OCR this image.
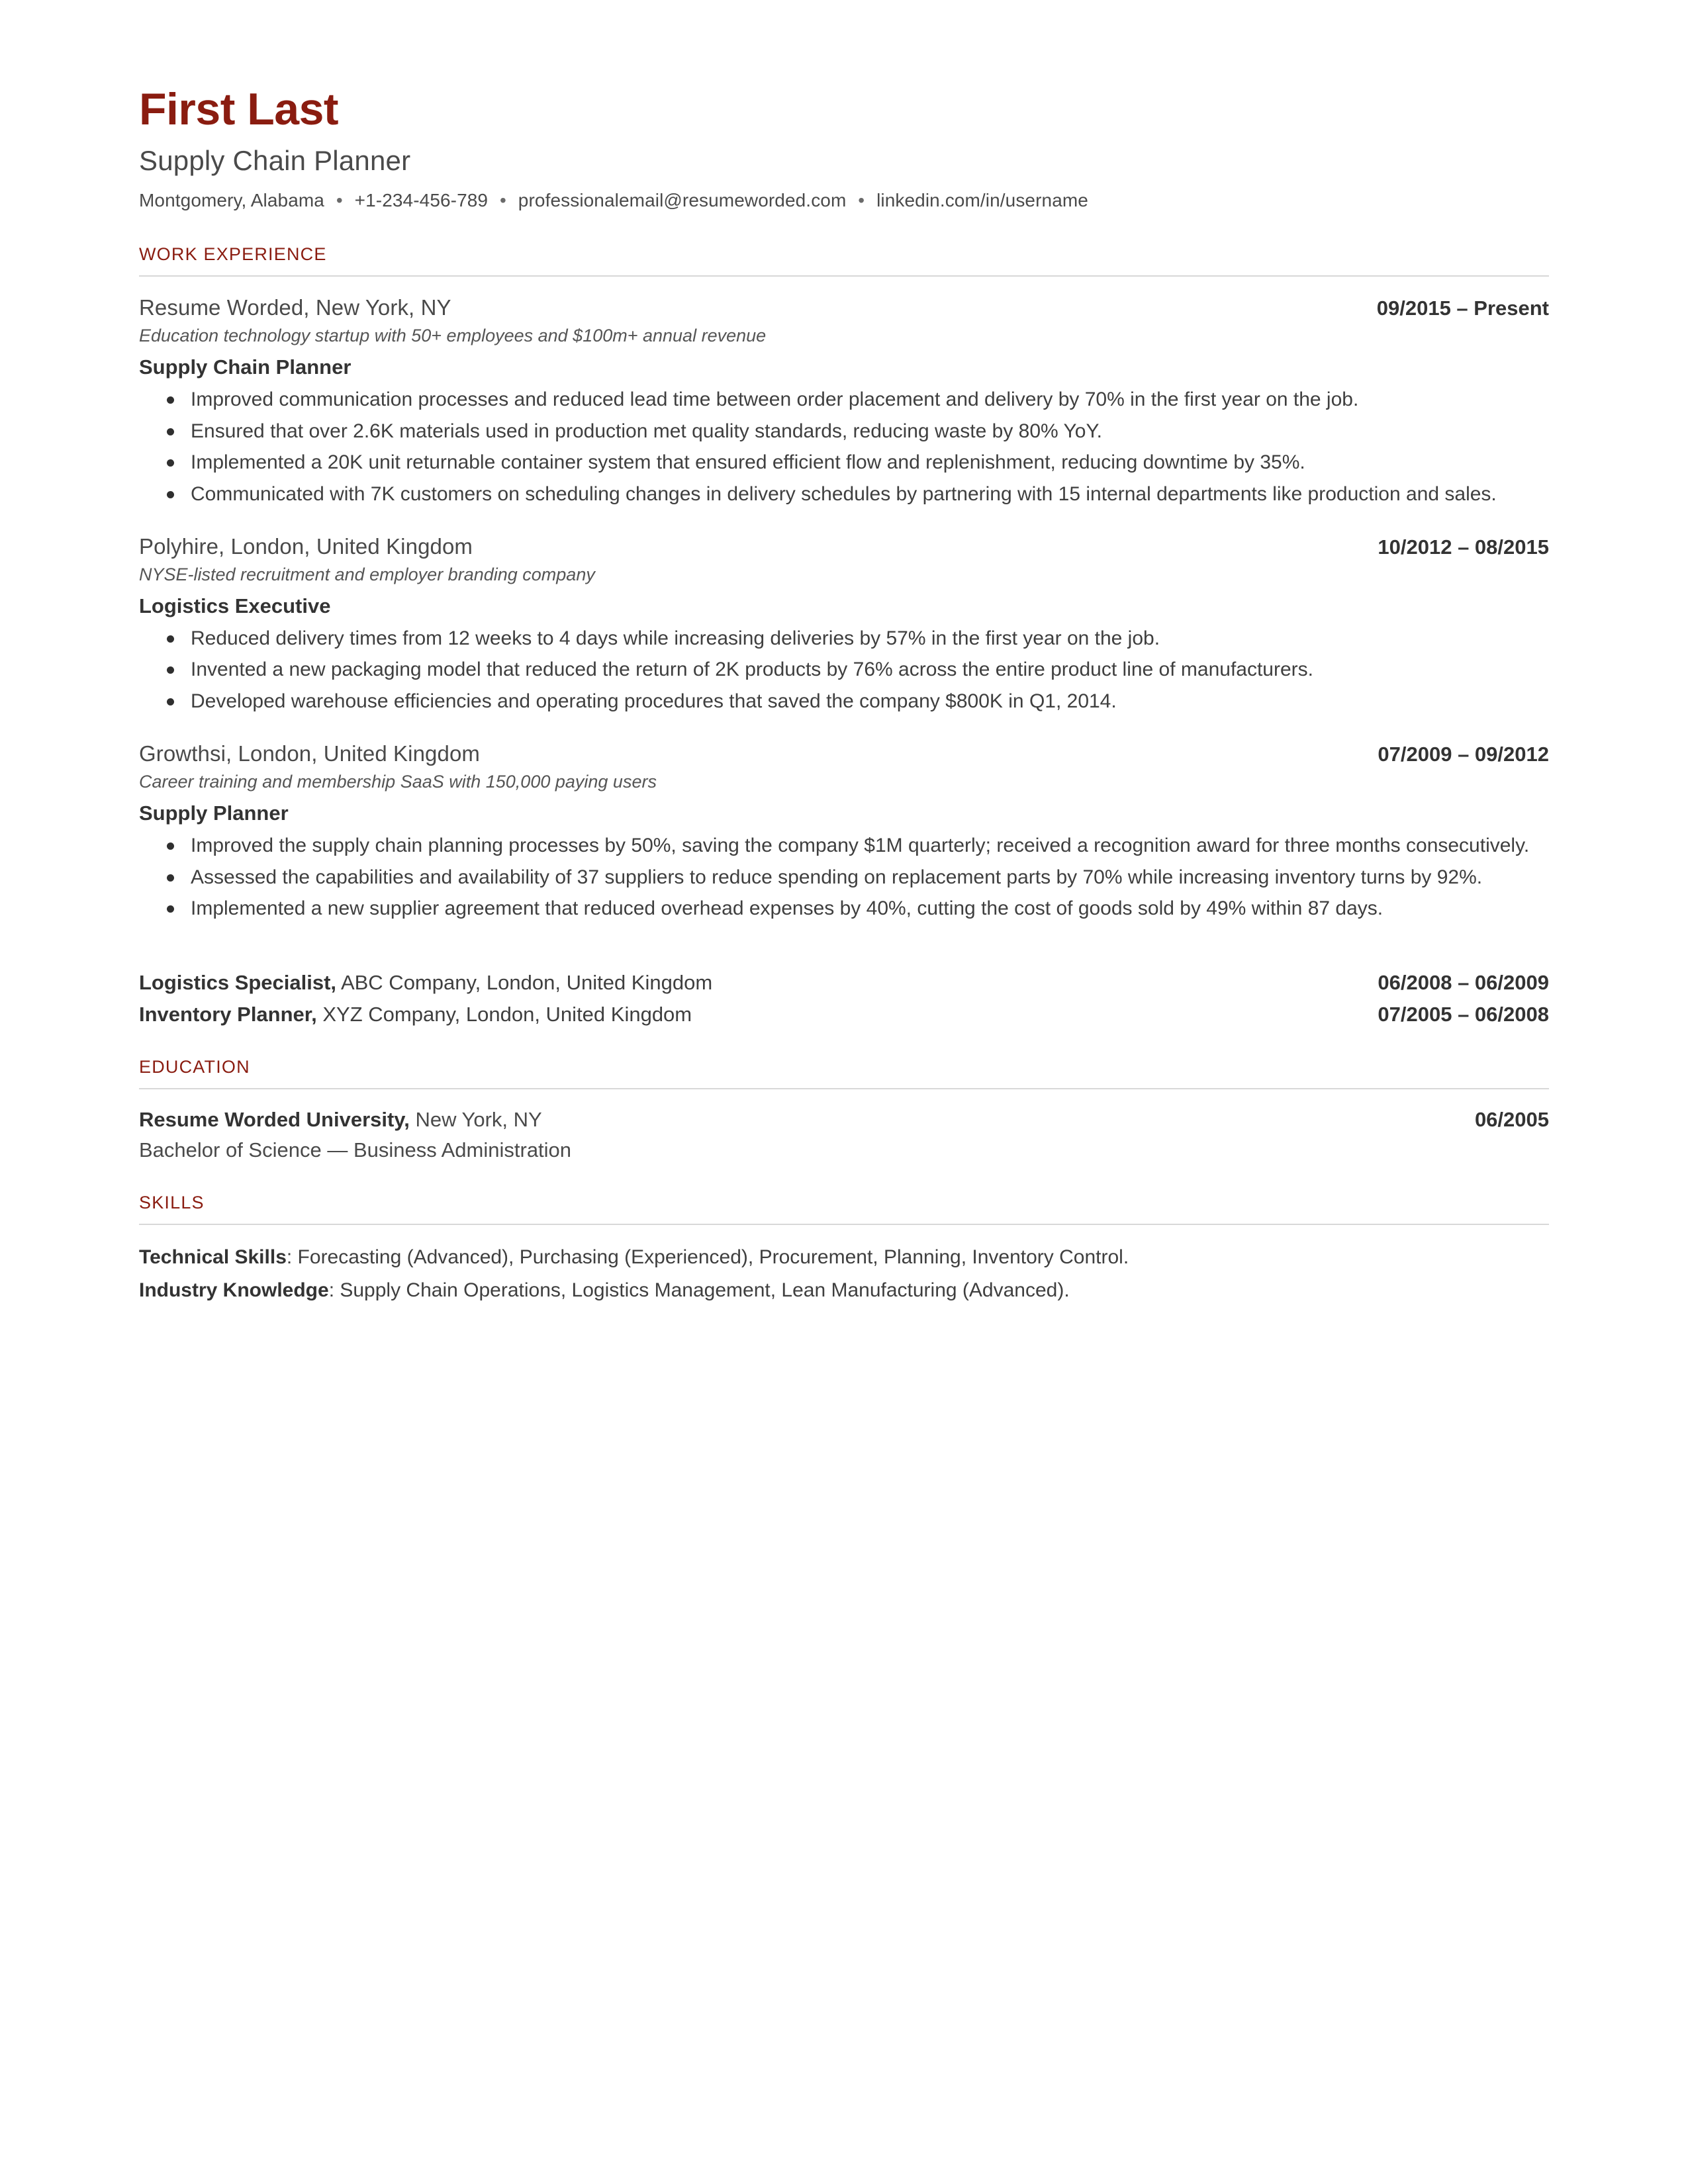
First Last
Supply Chain Planner
Montgomery, Alabama • +1-234-456-789 • professionalemail@resumeworded.com • linkedin.com/in/username
WORK EXPERIENCE
Resume Worded, New York, NY	09/2015 – Present
Education technology startup with 50+ employees and $100m+ annual revenue
Supply Chain Planner
Improved communication processes and reduced lead time between order placement and delivery by 70% in the first year on the job.
Ensured that over 2.6K materials used in production met quality standards, reducing waste by 80% YoY.
Implemented a 20K unit returnable container system that ensured efficient flow and replenishment, reducing downtime by 35%.
Communicated with 7K customers on scheduling changes in delivery schedules by partnering with 15 internal departments like production and sales.
Polyhire, London, United Kingdom	10/2012 – 08/2015
NYSE-listed recruitment and employer branding company
Logistics Executive
Reduced delivery times from 12 weeks to 4 days while increasing deliveries by 57% in the first year on the job.
Invented a new packaging model that reduced the return of 2K products by 76% across the entire product line of manufacturers.
Developed warehouse efficiencies and operating procedures that saved the company $800K in Q1, 2014.
Growthsi, London, United Kingdom	07/2009 – 09/2012
Career training and membership SaaS with 150,000 paying users
Supply Planner
Improved the supply chain planning processes by 50%, saving the company $1M quarterly; received a recognition award for three months consecutively.
Assessed the capabilities and availability of 37 suppliers to reduce spending on replacement parts by 70% while increasing inventory turns by 92%.
Implemented a new supplier agreement that reduced overhead expenses by 40%, cutting the cost of goods sold by 49% within 87 days.
Logistics Specialist, ABC Company, London, United Kingdom	06/2008 – 06/2009
Inventory Planner, XYZ Company, London, United Kingdom	07/2005 – 06/2008
EDUCATION
Resume Worded University, New York, NY	06/2005
Bachelor of Science — Business Administration
SKILLS
Technical Skills: Forecasting (Advanced), Purchasing (Experienced), Procurement, Planning, Inventory Control.
Industry Knowledge: Supply Chain Operations, Logistics Management, Lean Manufacturing (Advanced).
